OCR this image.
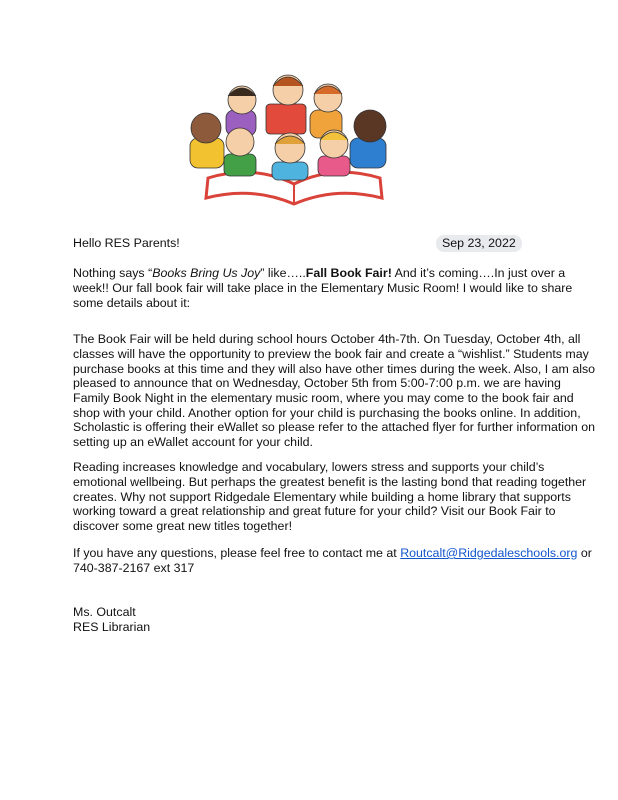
Hello RES Parents!	Sep 23, 2022
Nothing says “Books Bring Us Joy” like…..Fall Book Fair! And it’s coming….In just over a
week!! Our fall book fair will take place in the Elementary Music Room! I would like to share
some details about it:
The Book Fair will be held during school hours October 4th-7th. On Tuesday, October 4th, all
classes will have the opportunity to preview the book fair and create a “wishlist.” Students may
purchase books at this time and they will also have other times during the week. Also, I am also
pleased to announce that on Wednesday, October 5th from 5:00-7:00 p.m. we are having
Family Book Night in the elementary music room, where you may come to the book fair and
shop with your child. Another option for your child is purchasing the books online. In addition,
Scholastic is offering their eWallet so please refer to the attached flyer for further information on
setting up an eWallet account for your child.
Reading increases knowledge and vocabulary, lowers stress and supports your child’s
emotional wellbeing. But perhaps the greatest benefit is the lasting bond that reading together
creates. Why not support Ridgedale Elementary while building a home library that supports
working toward a great relationship and great future for your child? Visit our Book Fair to
discover some great new titles together!
If you have any questions, please feel free to contact me at Routcalt@Ridgedaleschools.org or
740-387-2167 ext 317
Ms. Outcalt
RES Librarian
